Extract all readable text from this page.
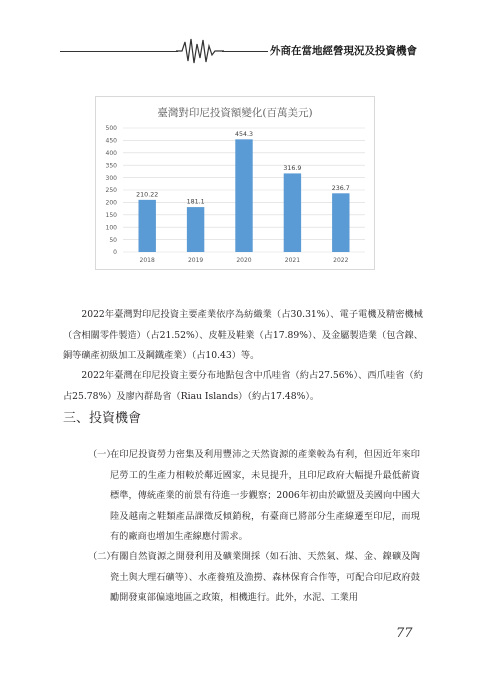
外商在當地經營現況及投資機會
臺灣對印尼投資額變化(百萬美元)
0
50
100
150
200
250
300
350
400
450
500
210.22
2018
181.1
2019
454.3
2020
316.9
2021
236.7
2022

2022年臺灣對印尼投資主要產業依序為紡織業（占30.31%）、電子電機及精密機械（含相關零件製造）（占21.52%）、皮鞋及鞋業（占17.89%）、及金屬製造業（包含鎳、銅等礦產初級加工及鋼鐵產業）（占10.43）等。

2022年臺灣在印尼投資主要分布地點包含中爪哇省（約占27.56%）、西爪哇省（約占25.78%）及廖內群島省（Riau Islands）（約占17.48%）。

三、投資機會
（一）

在印尼投資勞力密集及利用豐沛之天然資源的產業較為有利，但因近年來印尼勞工的生產力相較於鄰近國家，未見提升，且印尼政府大幅提升最低薪資標準，傳統產業的前景有待進一步觀察；2006年初由於歐盟及美國向中國大陸及越南之鞋類產品課徵反傾銷稅，有臺商已將部分生產線遷至印尼，而現有的廠商也增加生產線應付需求。

（二）

有關自然資源之開發利用及礦業開採（如石油、天然氣、煤、金、鎳礦及陶瓷土與大理石礦等）、水產養殖及漁撈、森林保育合作等，可配合印尼政府鼓勵開發東部偏遠地區之政策，相機進行。此外，水泥、工業用

77
